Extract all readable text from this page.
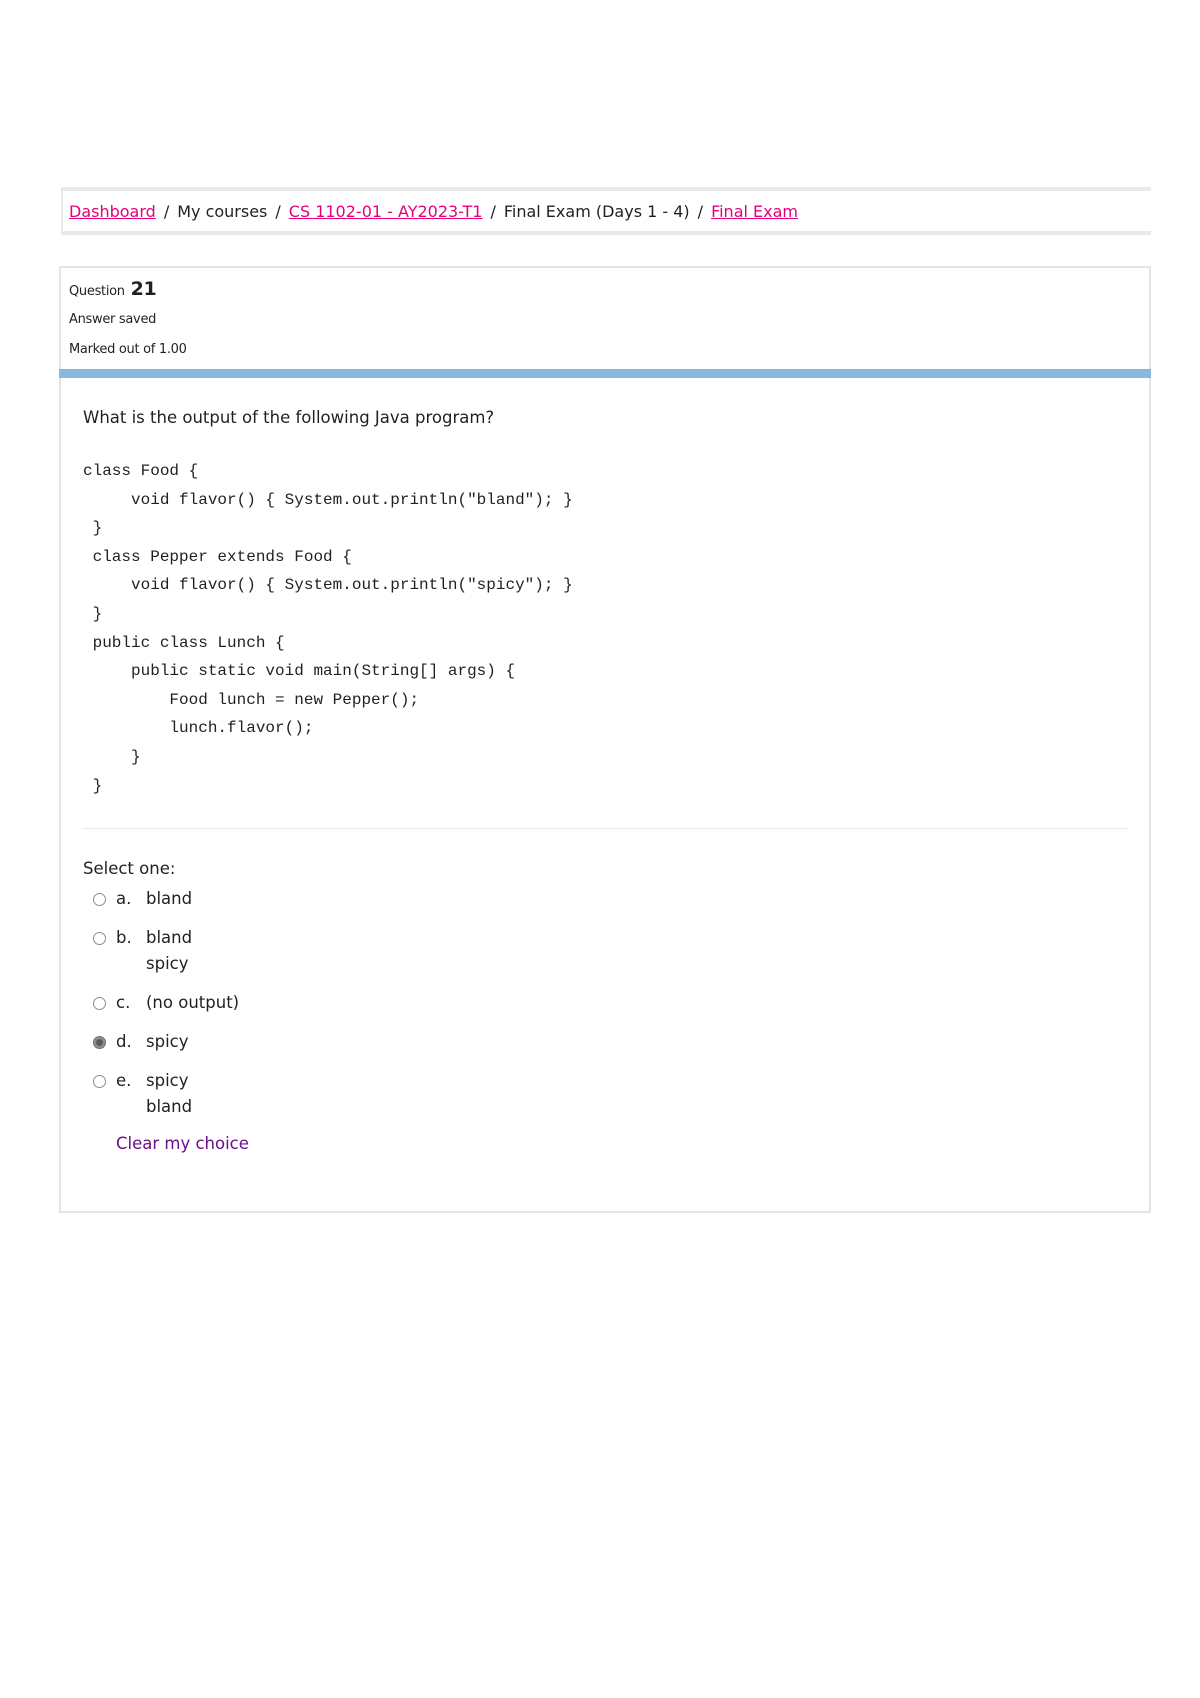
Dashboard / My courses / CS 1102-01 - AY2023-T1 / Final Exam (Days 1 - 4) / Final Exam
Question 21
Answer saved
Marked out of 1.00

What is the output of the following Java program?

class Food {
void flavor() { System.out.println("bland"); }
}
class Pepper extends Food {
void flavor() { System.out.println("spicy"); }
}
public class Lunch {
public static void main(String[] args) {
Food lunch = new Pepper();
lunch.flavor();
}
}
Select one:
a. bland
b. bland
spicy
c. (no output)
d. spicy
e. spicy
bland
Clear my choice
